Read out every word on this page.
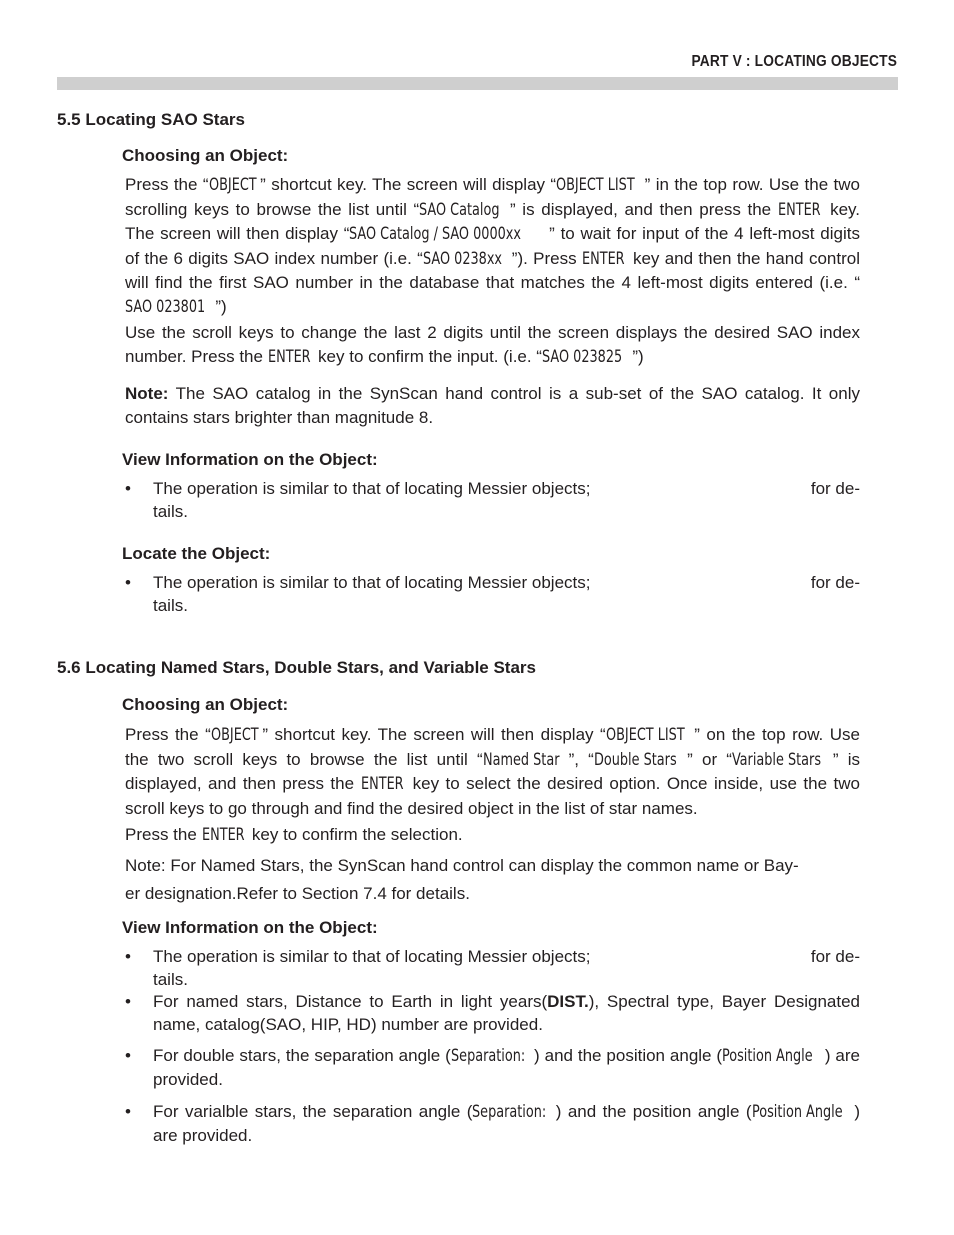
PART V : LOCATING OBJECTS
5.5 Locating SAO Stars
Choosing an Object:
Press the “OBJECT ” shortcut key. The screen will display “OBJECT LIST ” in the top row. Use the two scrolling keys to browse the list until “SAO Catalog ” is displayed, and then press the ENTER key. The screen will then display “SAO Catalog / SAO 0000xx ” to wait for input of the 4 left-most digits of the 6 digits SAO index number (i.e. “SAO 0238xx ”). Press ENTER key and then the hand control will find the first SAO number in the database that matches the 4 left-most digits entered (i.e. “SAO 023801 ”)
Use the scroll keys to change the last 2 digits until the screen displays the desired SAO index number. Press the ENTER key to confirm the input. (i.e. “SAO 023825 ”)
Note: The SAO catalog in the SynScan hand control is a sub-set of the SAO catalog. It only contains stars brighter than magnitude 8.
View Information on the Object:
• The operation is similar to that of locating Messier objects;	for de-
tails.
Locate the Object:
• The operation is similar to that of locating Messier objects;	for de-
tails.
5.6 Locating Named Stars, Double Stars, and Variable Stars
Choosing an Object:
Press the “OBJECT ” shortcut key. The screen will then display “OBJECT LIST ” on the top row. Use the two scroll keys to browse the list until “Named Star ”, “Double Stars ” or “Variable Stars ” is displayed, and then press the ENTER key to select the desired option. Once inside, use the two scroll keys to go through and find the desired object in the list of star names.
Press the ENTER key to confirm the selection.
Note: For Named Stars, the SynScan hand control can display the common name or Bay-
er designation.Refer to Section 7.4 for details.
View Information on the Object:
• The operation is similar to that of locating Messier objects;	for de-
tails.
• For named stars, Distance to Earth in light years(DIST.), Spectral type, Bayer Designated name, catalog(SAO, HIP, HD) number are provided.
• For double stars, the separation angle (Separation:) and the position angle (Position Angle ) are provided.
• For varialble stars, the separation angle (Separation:) and the position angle (Position Angle ) are provided.
